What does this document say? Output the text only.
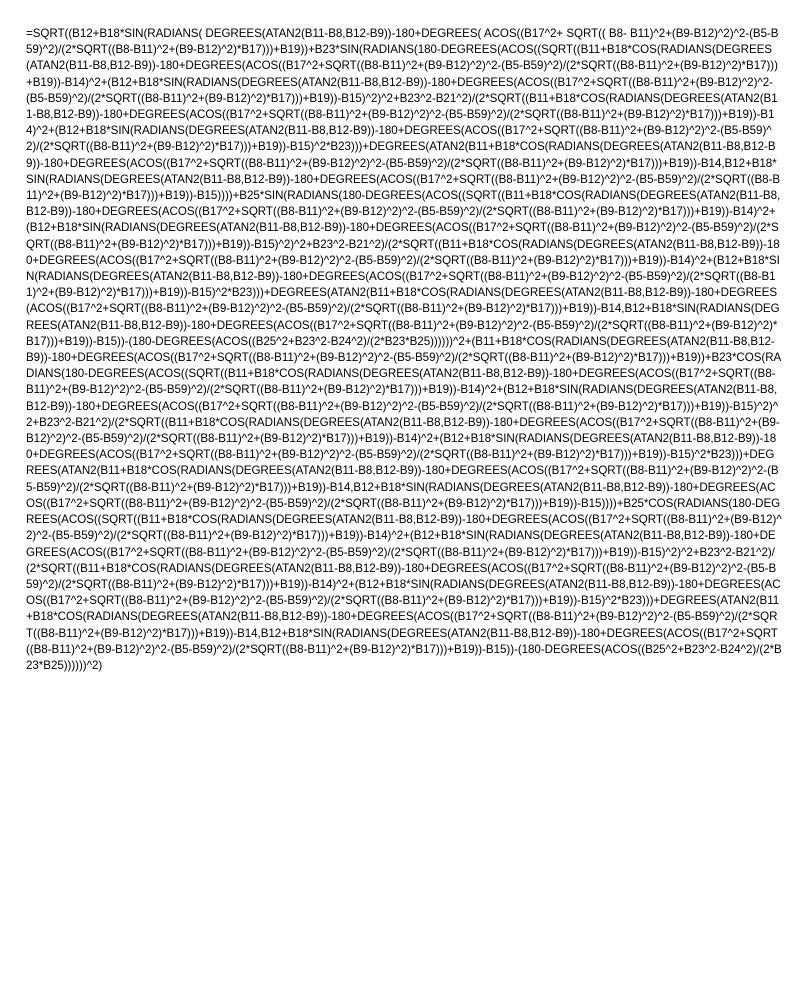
=SQRT((B12+B18*SIN(RADIANS( DEGREES(ATAN2(B11-B8,B12-B9))-180+DEGREES( ACOS((B17^2+ SQRT(( B8- B11)^2+(B9-B12)^2)^2-(B5-B59)^2)/(2*SQRT((B8-B11)^2+(B9-B12)^2)*B17)))+B19))+B23*SIN(RADIANS(180-DEGREES(ACOS((SQRT((B11+B18*COS(RADIANS(DEGREES(ATAN2(B11-B8,B12-B9))-180+DEGREES(ACOS((B17^2+SQRT((B8-B11)^2+(B9-B12)^2)^2-(B5-B59)^2)/(2*SQRT((B8-B11)^2+(B9-B12)^2)*B17)))+B19))-B14)^2+(B12+B18*SIN(RADIANS(DEGREES(ATAN2(B11-B8,B12-B9))-180+DEGREES(ACOS((B17^2+SQRT((B8-B11)^2+(B9-B12)^2)^2-(B5-B59)^2)/(2*SQRT((B8-B11)^2+(B9-B12)^2)*B17)))+B19))-B15)^2)^2+B23^2-B21^2)/(2*SQRT((B11+B18*COS(RADIANS(DEGREES(ATAN2(B11-B8,B12-B9))-180+DEGREES(ACOS((B17^2+SQRT((B8-B11)^2+(B9-B12)^2)^2-(B5-B59)^2)/(2*SQRT((B8-B11)^2+(B9-B12)^2)*B17)))+B19))-B14)^2+(B12+B18*SIN(RADIANS(DEGREES(ATAN2(B11-B8,B12-B9))-180+DEGREES(ACOS((B17^2+SQRT((B8-B11)^2+(B9-B12)^2)^2-(B5-B59)^2)/(2*SQRT((B8-B11)^2+(B9-B12)^2)*B17)))+B19))-B15)^2*B23)))+DEGREES(ATAN2(B11+B18*COS(RADIANS(DEGREES(ATAN2(B11-B8,B12-B9))-180+DEGREES(ACOS((B17^2+SQRT((B8-B11)^2+(B9-B12)^2)^2-(B5-B59)^2)/(2*SQRT((B8-B11)^2+(B9-B12)^2)*B17)))+B19))-B14,B12+B18*SIN(RADIANS(DEGREES(ATAN2(B11-B8,B12-B9))-180+DEGREES(ACOS((B17^2+SQRT((B8-B11)^2+(B9-B12)^2)^2-(B5-B59)^2)/(2*SQRT((B8-B11)^2+(B9-B12)^2)*B17)))+B19))-B15))))+B25*SIN(RADIANS(180-DEGREES(ACOS((SQRT((B11+B18*COS(RADIANS(DEGREES(ATAN2(B11-B8,B12-B9))-180+DEGREES(ACOS((B17^2+SQRT((B8-B11)^2+(B9-B12)^2)^2-(B5-B59)^2)/(2*SQRT((B8-B11)^2+(B9-B12)^2)*B17)))+B19))-B14)^2+(B12+B18*SIN(RADIANS(DEGREES(ATAN2(B11-B8,B12-B9))-180+DEGREES(ACOS((B17^2+SQRT((B8-B11)^2+(B9-B12)^2)^2-(B5-B59)^2)/(2*SQRT((B8-B11)^2+(B9-B12)^2)*B17)))+B19))-B15)^2)^2+B23^2-B21^2)/(2*SQRT((B11+B18*COS(RADIANS(DEGREES(ATAN2(B11-B8,B12-B9))-180+DEGREES(ACOS((B17^2+SQRT((B8-B11)^2+(B9-B12)^2)^2-(B5-B59)^2)/(2*SQRT((B8-B11)^2+(B9-B12)^2)*B17)))+B19))-B14)^2+(B12+B18*SIN(RADIANS(DEGREES(ATAN2(B11-B8,B12-B9))-180+DEGREES(ACOS((B17^2+SQRT((B8-B11)^2+(B9-B12)^2)^2-(B5-B59)^2)/(2*SQRT((B8-B11)^2+(B9-B12)^2)*B17)))+B19))-B15)^2*B23)))+DEGREES(ATAN2(B11+B18*COS(RADIANS(DEGREES(ATAN2(B11-B8,B12-B9))-180+DEGREES(ACOS((B17^2+SQRT((B8-B11)^2+(B9-B12)^2)^2-(B5-B59)^2)/(2*SQRT((B8-B11)^2+(B9-B12)^2)*B17)))+B19))-B14,B12+B18*SIN(RADIANS(DEGREES(ATAN2(B11-B8,B12-B9))-180+DEGREES(ACOS((B17^2+SQRT((B8-B11)^2+(B9-B12)^2)^2-(B5-B59)^2)/(2*SQRT((B8-B11)^2+(B9-B12)^2)*B17)))+B19))-B15))-(180-DEGREES(ACOS((B25^2+B23^2-B24^2)/(2*B23*B25))))))^2+(B11+B18*COS(RADIANS(DEGREES(ATAN2(B11-B8,B12-B9))-180+DEGREES(ACOS((B17^2+SQRT((B8-B11)^2+(B9-B12)^2)^2-(B5-B59)^2)/(2*SQRT((B8-B11)^2+(B9-B12)^2)*B17)))+B19))+B23*COS(RADIANS(180-DEGREES(ACOS((SQRT((B11+B18*COS(RADIANS(DEGREES(ATAN2(B11-B8,B12-B9))-180+DEGREES(ACOS((B17^2+SQRT((B8-B11)^2+(B9-B12)^2)^2-(B5-B59)^2)/(2*SQRT((B8-B11)^2+(B9-B12)^2)*B17)))+B19))-B14)^2+(B12+B18*SIN(RADIANS(DEGREES(ATAN2(B11-B8,B12-B9))-180+DEGREES(ACOS((B17^2+SQRT((B8-B11)^2+(B9-B12)^2)^2-(B5-B59)^2)/(2*SQRT((B8-B11)^2+(B9-B12)^2)*B17)))+B19))-B15)^2)^2+B23^2-B21^2)/(2*SQRT((B11+B18*COS(RADIANS(DEGREES(ATAN2(B11-B8,B12-B9))-180+DEGREES(ACOS((B17^2+SQRT((B8-B11)^2+(B9-B12)^2)^2-(B5-B59)^2)/(2*SQRT((B8-B11)^2+(B9-B12)^2)*B17)))+B19))-B14)^2+(B12+B18*SIN(RADIANS(DEGREES(ATAN2(B11-B8,B12-B9))-180+DEGREES(ACOS((B17^2+SQRT((B8-B11)^2+(B9-B12)^2)^2-(B5-B59)^2)/(2*SQRT((B8-B11)^2+(B9-B12)^2)*B17)))+B19))-B15)^2*B23)))+DEGREES(ATAN2(B11+B18*COS(RADIANS(DEGREES(ATAN2(B11-B8,B12-B9))-180+DEGREES(ACOS((B17^2+SQRT((B8-B11)^2+(B9-B12)^2)^2-(B5-B59)^2)/(2*SQRT((B8-B11)^2+(B9-B12)^2)*B17)))+B19))-B14,B12+B18*SIN(RADIANS(DEGREES(ATAN2(B11-B8,B12-B9))-180+DEGREES(ACOS((B17^2+SQRT((B8-B11)^2+(B9-B12)^2)^2-(B5-B59)^2)/(2*SQRT((B8-B11)^2+(B9-B12)^2)*B17)))+B19))-B15))))+B25*COS(RADIANS(180-DEGREES(ACOS((SQRT((B11+B18*COS(RADIANS(DEGREES(ATAN2(B11-B8,B12-B9))-180+DEGREES(ACOS((B17^2+SQRT((B8-B11)^2+(B9-B12)^2)^2-(B5-B59)^2)/(2*SQRT((B8-B11)^2+(B9-B12)^2)*B17)))+B19))-B14)^2+(B12+B18*SIN(RADIANS(DEGREES(ATAN2(B11-B8,B12-B9))-180+DEGREES(ACOS((B17^2+SQRT((B8-B11)^2+(B9-B12)^2)^2-(B5-B59)^2)/(2*SQRT((B8-B11)^2+(B9-B12)^2)*B17)))+B19))-B15)^2)^2+B23^2-B21^2)/(2*SQRT((B11+B18*COS(RADIANS(DEGREES(ATAN2(B11-B8,B12-B9))-180+DEGREES(ACOS((B17^2+SQRT((B8-B11)^2+(B9-B12)^2)^2-(B5-B59)^2)/(2*SQRT((B8-B11)^2+(B9-B12)^2)*B17)))+B19))-B14)^2+(B12+B18*SIN(RADIANS(DEGREES(ATAN2(B11-B8,B12-B9))-180+DEGREES(ACOS((B17^2+SQRT((B8-B11)^2+(B9-B12)^2)^2-(B5-B59)^2)/(2*SQRT((B8-B11)^2+(B9-B12)^2)*B17)))+B19))-B15)^2*B23)))+DEGREES(ATAN2(B11+B18*COS(RADIANS(DEGREES(ATAN2(B11-B8,B12-B9))-180+DEGREES(ACOS((B17^2+SQRT((B8-B11)^2+(B9-B12)^2)^2-(B5-B59)^2)/(2*SQRT((B8-B11)^2+(B9-B12)^2)*B17)))+B19))-B14,B12+B18*SIN(RADIANS(DEGREES(ATAN2(B11-B8,B12-B9))-180+DEGREES(ACOS((B17^2+SQRT((B8-B11)^2+(B9-B12)^2)^2-(B5-B59)^2)/(2*SQRT((B8-B11)^2+(B9-B12)^2)*B17)))+B19))-B15))-(180-DEGREES(ACOS((B25^2+B23^2-B24^2)/(2*B23*B25))))))^2)
